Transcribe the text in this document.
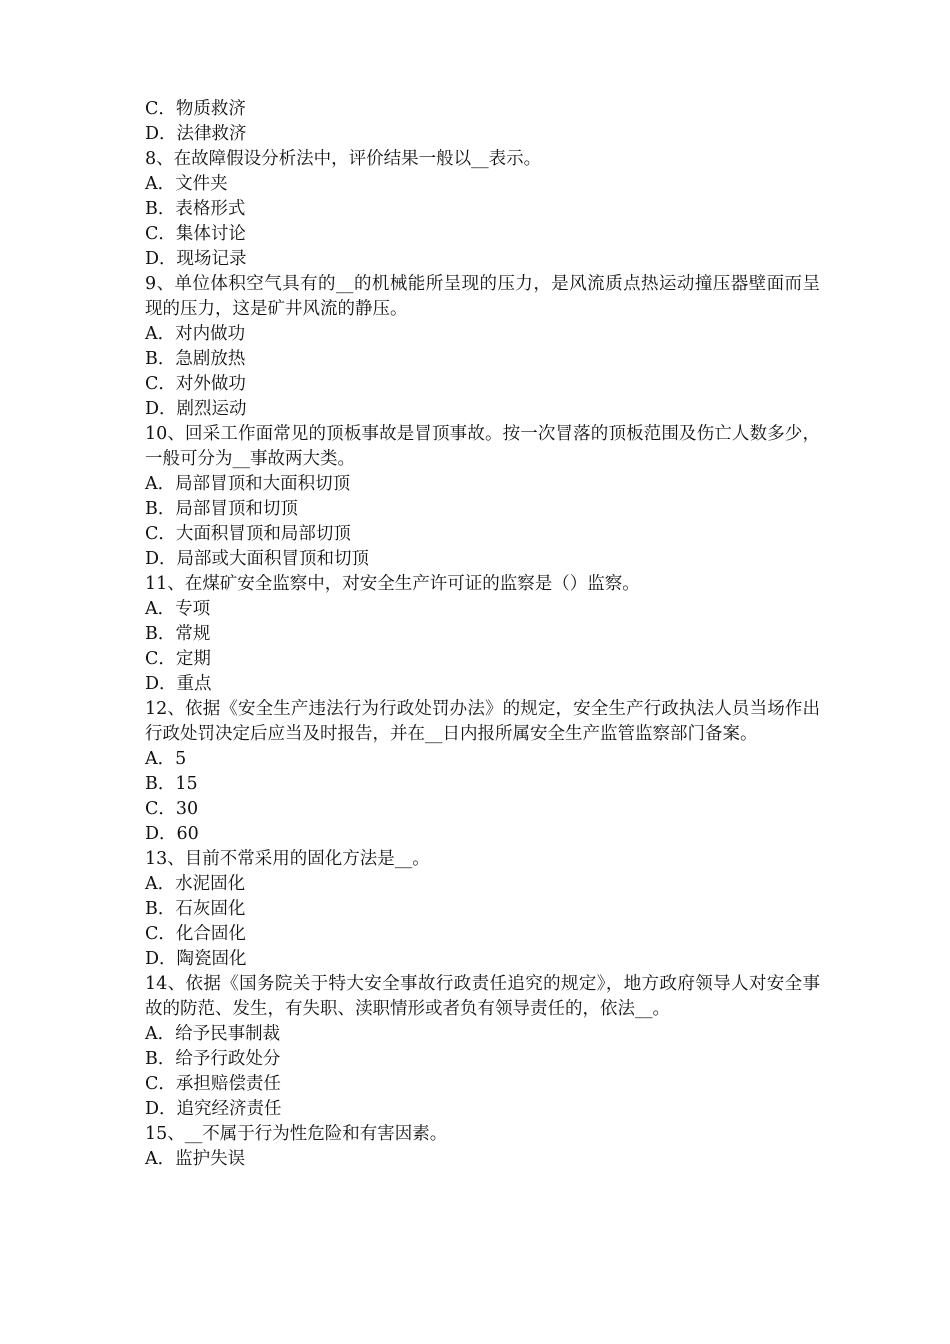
C．物质救济
D．法律救济
8、在故障假设分析法中，评价结果一般以__表示。
A．文件夹
B．表格形式
C．集体讨论
D．现场记录
9、单位体积空气具有的__的机械能所呈现的压力，是风流质点热运动撞压器壁面而呈现的压力，这是矿井风流的静压。
A．对内做功
B．急剧放热
C．对外做功
D．剧烈运动
10、回采工作面常见的顶板事故是冒顶事故。按一次冒落的顶板范围及伤亡人数多少，一般可分为__事故两大类。
A．局部冒顶和大面积切顶
B．局部冒顶和切顶
C．大面积冒顶和局部切顶
D．局部或大面积冒顶和切顶
11、在煤矿安全监察中，对安全生产许可证的监察是（）监察。
A．专项
B．常规
C．定期
D．重点
12、依据《安全生产违法行为行政处罚办法》的规定，安全生产行政执法人员当场作出行政处罚决定后应当及时报告，并在__日内报所属安全生产监管监察部门备案。
A．5
B．15
C．30
D．60
13、目前不常采用的固化方法是__。
A．水泥固化
B．石灰固化
C．化合固化
D．陶瓷固化
14、依据《国务院关于特大安全事故行政责任追究的规定》，地方政府领导人对安全事故的防范、发生，有失职、渎职情形或者负有领导责任的，依法__。
A．给予民事制裁
B．给予行政处分
C．承担赔偿责任
D．追究经济责任
15、__不属于行为性危险和有害因素。
A．监护失误
